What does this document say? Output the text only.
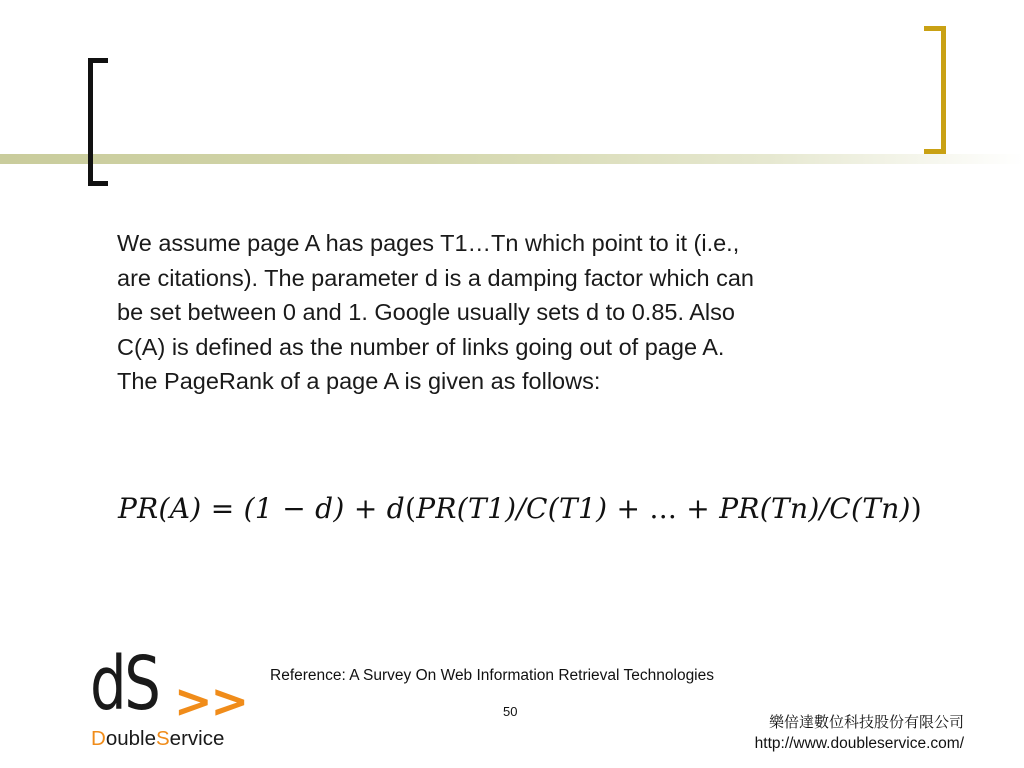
We assume page A has pages T1…Tn which point to it (i.e.,
are citations). The parameter d is a damping factor which can
be set between 0 and 1. Google usually sets d to 0.85. Also
C(A) is defined as the number of links going out of page A.
The PageRank of a page A is given as follows:

PR(A) = (1 − d) + d(PR(T1)/C(T1) + ... + PR(Tn)/C(Tn))
dS >>
DoubleService
Reference: A Survey On Web Information Retrieval Technologies
50
樂倍達數位科技股份有限公司
http://www.doubleservice.com/
